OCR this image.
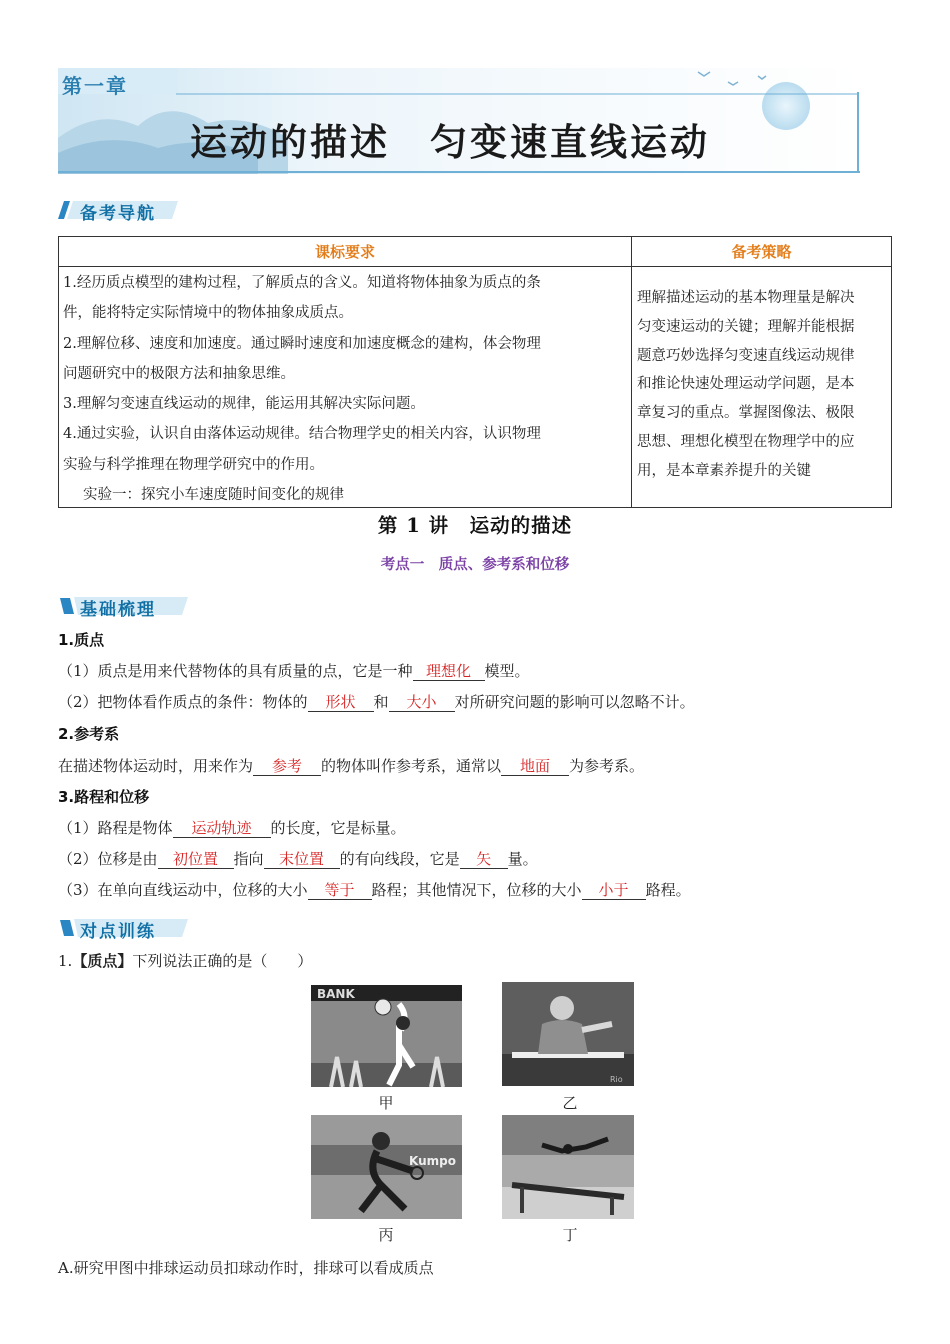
第一章
运动的描述　匀变速直线运动
备考导航
课标要求	备考策略
1.经历质点模型的建构过程，了解质点的含义。知道将物体抽象为质点的条
件，能将特定实际情境中的物体抽象成质点。
2.理解位移、速度和加速度。通过瞬时速度和加速度概念的建构，体会物理
问题研究中的极限方法和抽象思维。
3.理解匀变速直线运动的规律，能运用其解决实际问题。
4.通过实验，认识自由落体运动规律。结合物理学史的相关内容，认识物理
实验与科学推理在物理学研究中的作用。
实验一：探究小车速度随时间变化的规律
理解描述运动的基本物理量是解决
匀变速运动的关键；理解并能根据
题意巧妙选择匀变速直线运动规律
和推论快速处理运动学问题，是本
章复习的重点。掌握图像法、极限
思想、理想化模型在物理学中的应
用，是本章素养提升的关键
第 1 讲　运动的描述
考点一　质点、参考系和位移
基础梳理
1.质点
（1）质点是用来代替物体的具有质量的点，它是一种 理想化 模型。
（2）把物体看作质点的条件：物体的 形状 和 大小 对所研究问题的影响可以忽略不计。
2.参考系
在描述物体运动时，用来作为 参考 的物体叫作参考系，通常以 地面 为参考系。
3.路程和位移
（1）路程是物体 运动轨迹 的长度，它是标量。
（2）位移是由 初位置 指向 末位置 的有向线段，它是 矢 量。
（3）在单向直线运动中，位移的大小 等于 路程；其他情况下，位移的大小 小于 路程。
对点训练
1.【质点】下列说法正确的是（　　）
BANK
甲
Rio
乙
Kumpo
丙	丁
A.研究甲图中排球运动员扣球动作时，排球可以看成质点
